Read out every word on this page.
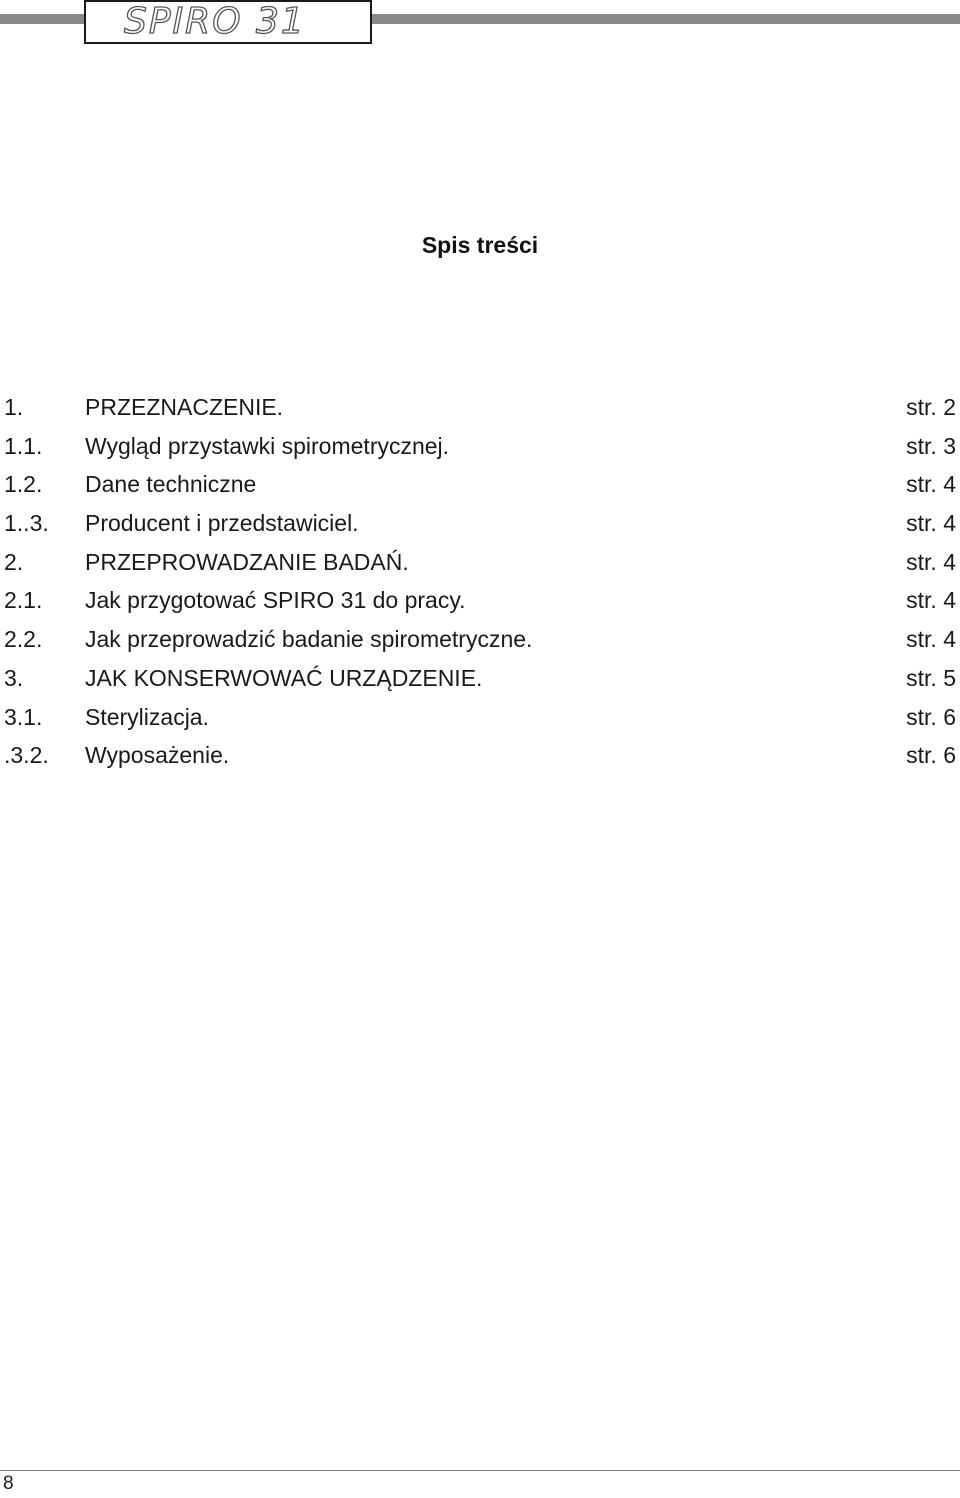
SPIRO 31
Spis treści
1.	PRZEZNACZENIE.	str. 2
1.1. Wygląd przystawki spirometrycznej.	str. 3
1.2. Dane techniczne	str. 4
1..3. Producent i przedstawiciel.	str. 4
2.	PRZEPROWADZANIE BADAŃ.	str. 4
2.1. Jak przygotować SPIRO 31 do pracy.	str. 4
2.2. Jak przeprowadzić badanie spirometryczne.	str. 4
3.	JAK KONSERWOWAĆ URZĄDZENIE.	str. 5
3.1. Sterylizacja.	str. 6
.3.2. Wyposażenie.	str. 6
8
